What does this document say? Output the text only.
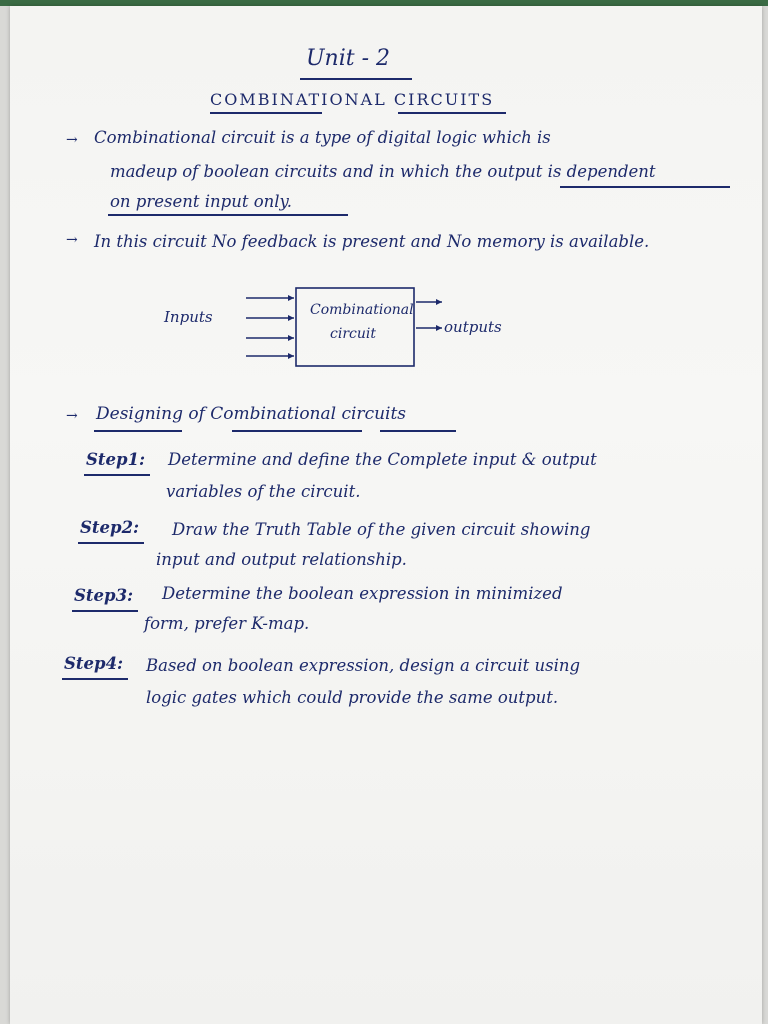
Unit - 2
COMBINATIONAL CIRCUITS
→ Combinational circuit is a type of digital logic which is
madeup of boolean circuits and in which the output is dependent
on present input only.
→ In this circuit No feedback is present and No memory is available.
Inputs	Combinational
circuit	outputs
→ Designing of Combinational circuits
Step1: Determine and define the Complete input & output
variables of the circuit.
Step2: Draw the Truth Table of the given circuit showing
input and output relationship.
Step3: Determine the boolean expression in minimized
form, prefer K-map.
Step4: Based on boolean expression, design a circuit using
logic gates which could provide the same output.
